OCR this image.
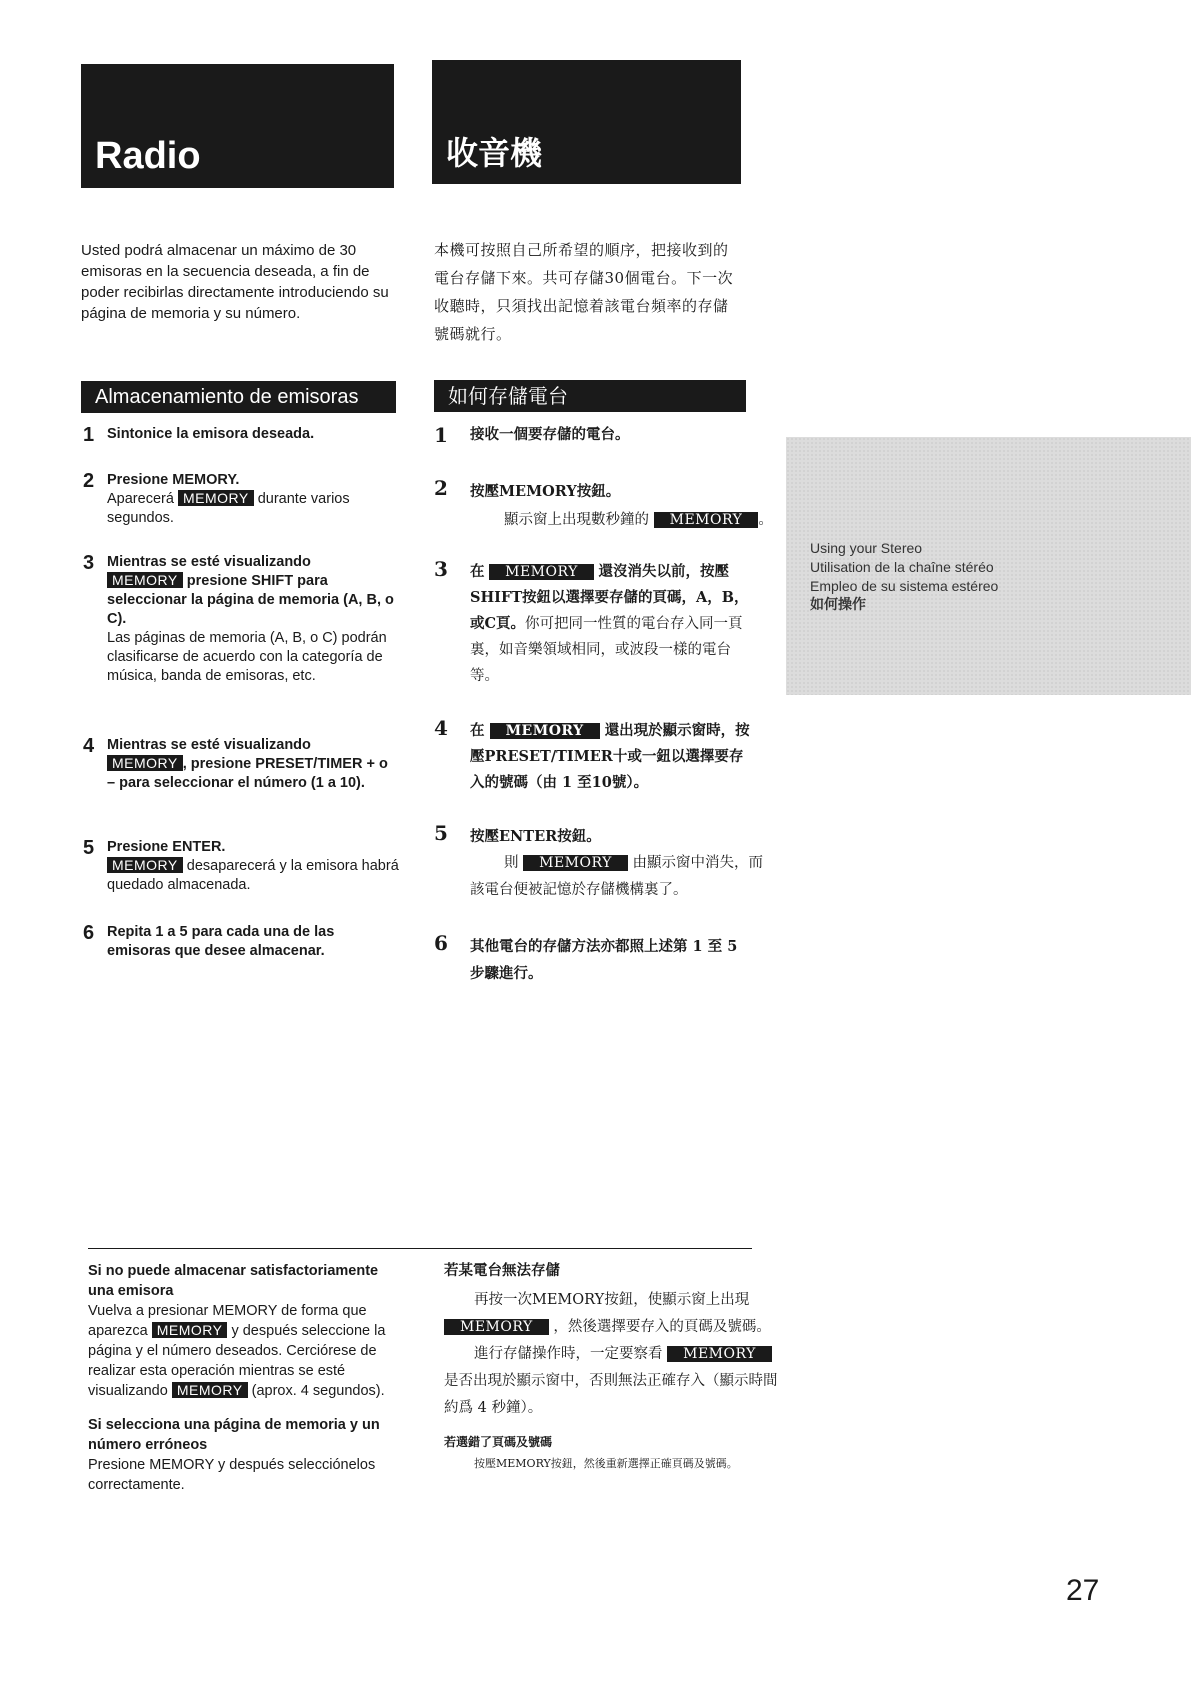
Radio	收音機
Usted podrá almacenar un máximo de 30 emisoras en la secuencia deseada, a fin de poder recibirlas directamente introduciendo su página de memoria y su número.
本機可按照自己所希望的順序，把接收到的電台存儲下來。共可存儲30個電台。下一次收聽時，只須找出記憶着該電台頻率的存儲號碼就行。
Almacenamiento de emisoras	如何存儲電台
1 Sintonice la emisora deseada.
2 Presione MEMORY.
Aparecerá MEMORY durante varios segundos.
3 Mientras se esté visualizando
MEMORY presione SHIFT para seleccionar la página de memoria (A, B, o C).
Las páginas de memoria (A, B, o C) podrán clasificarse de acuerdo con la categoría de música, banda de emisoras, etc.
4 Mientras se esté visualizando
MEMORY , presione PRESET/TIMER + o – para seleccionar el número (1 a 10).
5 Presione ENTER.
MEMORY desaparecerá y la emisora habrá quedado almacenada.
6 Repita 1 a 5 para cada una de las emisoras que desee almacenar.
1	接收一個要存儲的電台。
2	按壓MEMORY按鈕。
顯示窗上出現數秒鐘的 MEMORY 。
3	在 MEMORY 還沒消失以前，按壓SHIFT按鈕以選擇要存儲的頁碼，A，B，或C頁。你可把同一性質的電台存入同一頁裏，如音樂領域相同，或波段一樣的電台等。
4	在 MEMORY 還出現於顯示窗時，按壓PRESET/TIMER十或一鈕以選擇要存入的號碼（由 1 至10號）。
5	按壓ENTER按鈕。
則 MEMORY 由顯示窗中消失，而該電台便被記憶於存儲機構裏了。
6	其他電台的存儲方法亦都照上述第 1 至 5 步驟進行。
Using your Stereo
Utilisation de la chaîne stéréo
Empleo de su sistema estéreo
如何操作
Si no puede almacenar satisfactoriamente una emisora
Vuelva a presionar MEMORY de forma que aparezca MEMORY y después seleccione la página y el número deseados. Cerciórese de realizar esta operación mientras se esté visualizando MEMORY (aprox. 4 segundos).
Si selecciona una página de memoria y un número erróneos
Presione MEMORY y después selecciónelos correctamente.
若某電台無法存儲
再按一次MEMORY按鈕，使顯示窗上出現 MEMORY ，然後選擇要存入的頁碼及號碼。
進行存儲操作時，一定要察看 MEMORY 是否出現於顯示窗中，否則無法正確存入（顯示時間約爲 4 秒鐘）。
若選錯了頁碼及號碼
按壓MEMORY按鈕，然後重新選擇正確頁碼及號碼。
27
